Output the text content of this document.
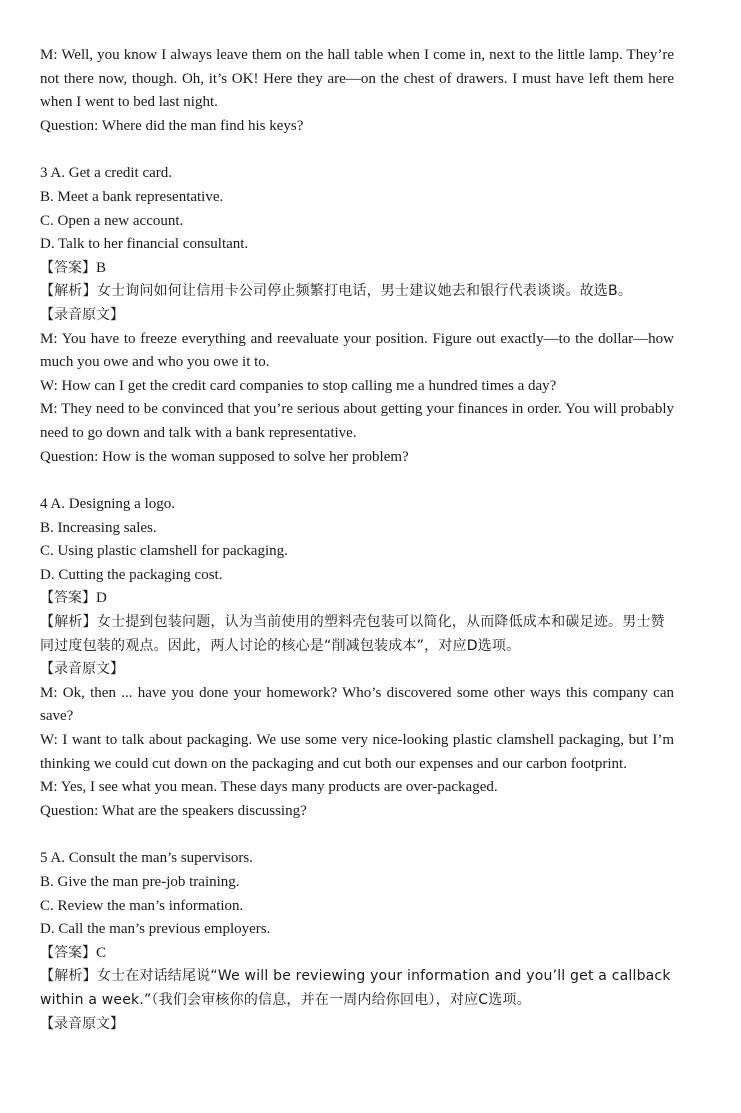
M: Well, you know I always leave them on the hall table when I come in, next to the little lamp. They’re not there now, though. Oh, it’s OK! Here they are—on the chest of drawers. I must have left them here when I went to bed last night.

Question: Where did the man find his keys?

3 A. Get a credit card.

B. Meet a bank representative.

C. Open a new account.

D. Talk to her financial consultant.

【答案】B

【解析】女士询问如何让信用卡公司停止频繁打电话，男士建议她去和银行代表谈谈。故选B。

【录音原文】

M: You have to freeze everything and reevaluate your position. Figure out exactly—to the dollar—how much you owe and who you owe it to.

W: How can I get the credit card companies to stop calling me a hundred times a day?

M: They need to be convinced that you’re serious about getting your finances in order. You will probably need to go down and talk with a bank representative.

Question: How is the woman supposed to solve her problem?

4 A. Designing a logo.

B. Increasing sales.

C. Using plastic clamshell for packaging.

D. Cutting the packaging cost.

【答案】D

【解析】女士提到包装问题，认为当前使用的塑料壳包装可以简化，从而降低成本和碳足迹。男士赞同过度包装的观点。因此，两人讨论的核心是“削减包装成本”，对应D选项。

【录音原文】

M: Ok, then ... have you done your homework? Who’s discovered some other ways this company can save?

W: I want to talk about packaging. We use some very nice-looking plastic clamshell packaging, but I’m thinking we could cut down on the packaging and cut both our expenses and our carbon footprint.

M: Yes, I see what you mean. These days many products are over-packaged.

Question: What are the speakers discussing?

5 A. Consult the man’s supervisors.

B. Give the man pre-job training.

C. Review the man’s information.

D. Call the man’s previous employers.

【答案】C

【解析】女士在对话结尾说“We will be reviewing your information and you’ll get a callback within a week.”（我们会审核你的信息，并在一周内给你回电），对应C选项。

【录音原文】
